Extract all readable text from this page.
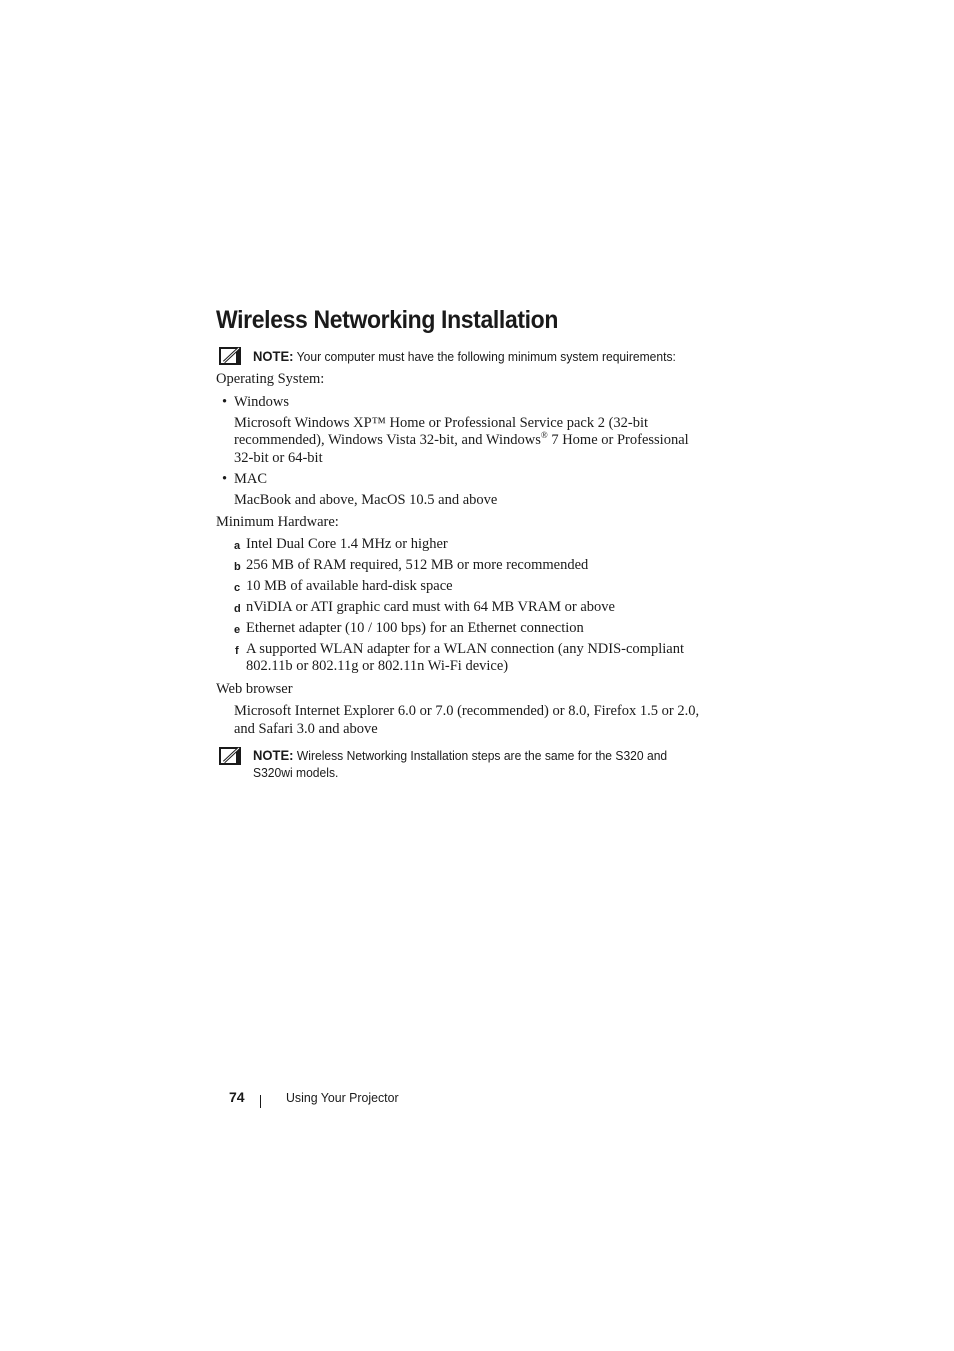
Wireless Networking Installation
NOTE: Your computer must have the following minimum system requirements:
Operating System:
• Windows
Microsoft Windows XP™ Home or Professional Service pack 2 (32-bit
recommended), Windows Vista 32-bit, and Windows® 7 Home or Professional
32-bit or 64-bit
• MAC
MacBook and above, MacOS 10.5 and above
Minimum Hardware:
a Intel Dual Core 1.4 MHz or higher
b 256 MB of RAM required, 512 MB or more recommended
c 10 MB of available hard-disk space
d nViDIA or ATI graphic card must with 64 MB VRAM or above
e Ethernet adapter (10 / 100 bps) for an Ethernet connection
f A supported WLAN adapter for a WLAN connection (any NDIS-compliant
802.11b or 802.11g or 802.11n Wi-Fi device)
Web browser
Microsoft Internet Explorer 6.0 or 7.0 (recommended) or 8.0, Firefox 1.5 or 2.0,
and Safari 3.0 and above
NOTE: Wireless Networking Installation steps are the same for the S320 and
S320wi models.
74	Using Your Projector
